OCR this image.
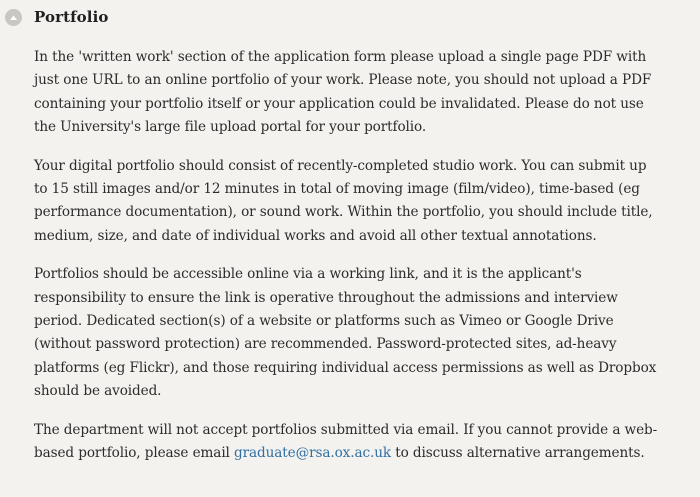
Portfolio

In the 'written work' section of the application form please upload a single page PDF with just one URL to an online portfolio of your work. Please note, you should not upload a PDF containing your portfolio itself or your application could be invalidated. Please do not use the University's large file upload portal for your portfolio.

Your digital portfolio should consist of recently-completed studio work. You can submit up to 15 still images and/or 12 minutes in total of moving image (film/video), time-based (eg performance documentation), or sound work. Within the portfolio, you should include title, medium, size, and date of individual works and avoid all other textual annotations.

Portfolios should be accessible online via a working link, and it is the applicant's responsibility to ensure the link is operative throughout the admissions and interview period. Dedicated section(s) of a website or platforms such as Vimeo or Google Drive (without password protection) are recommended. Password-protected sites, ad-heavy platforms (eg Flickr), and those requiring individual access permissions as well as Dropbox should be avoided.

The department will not accept portfolios submitted via email. If you cannot provide a web-based portfolio, please email graduate@rsa.ox.ac.uk to discuss alternative arrangements.
